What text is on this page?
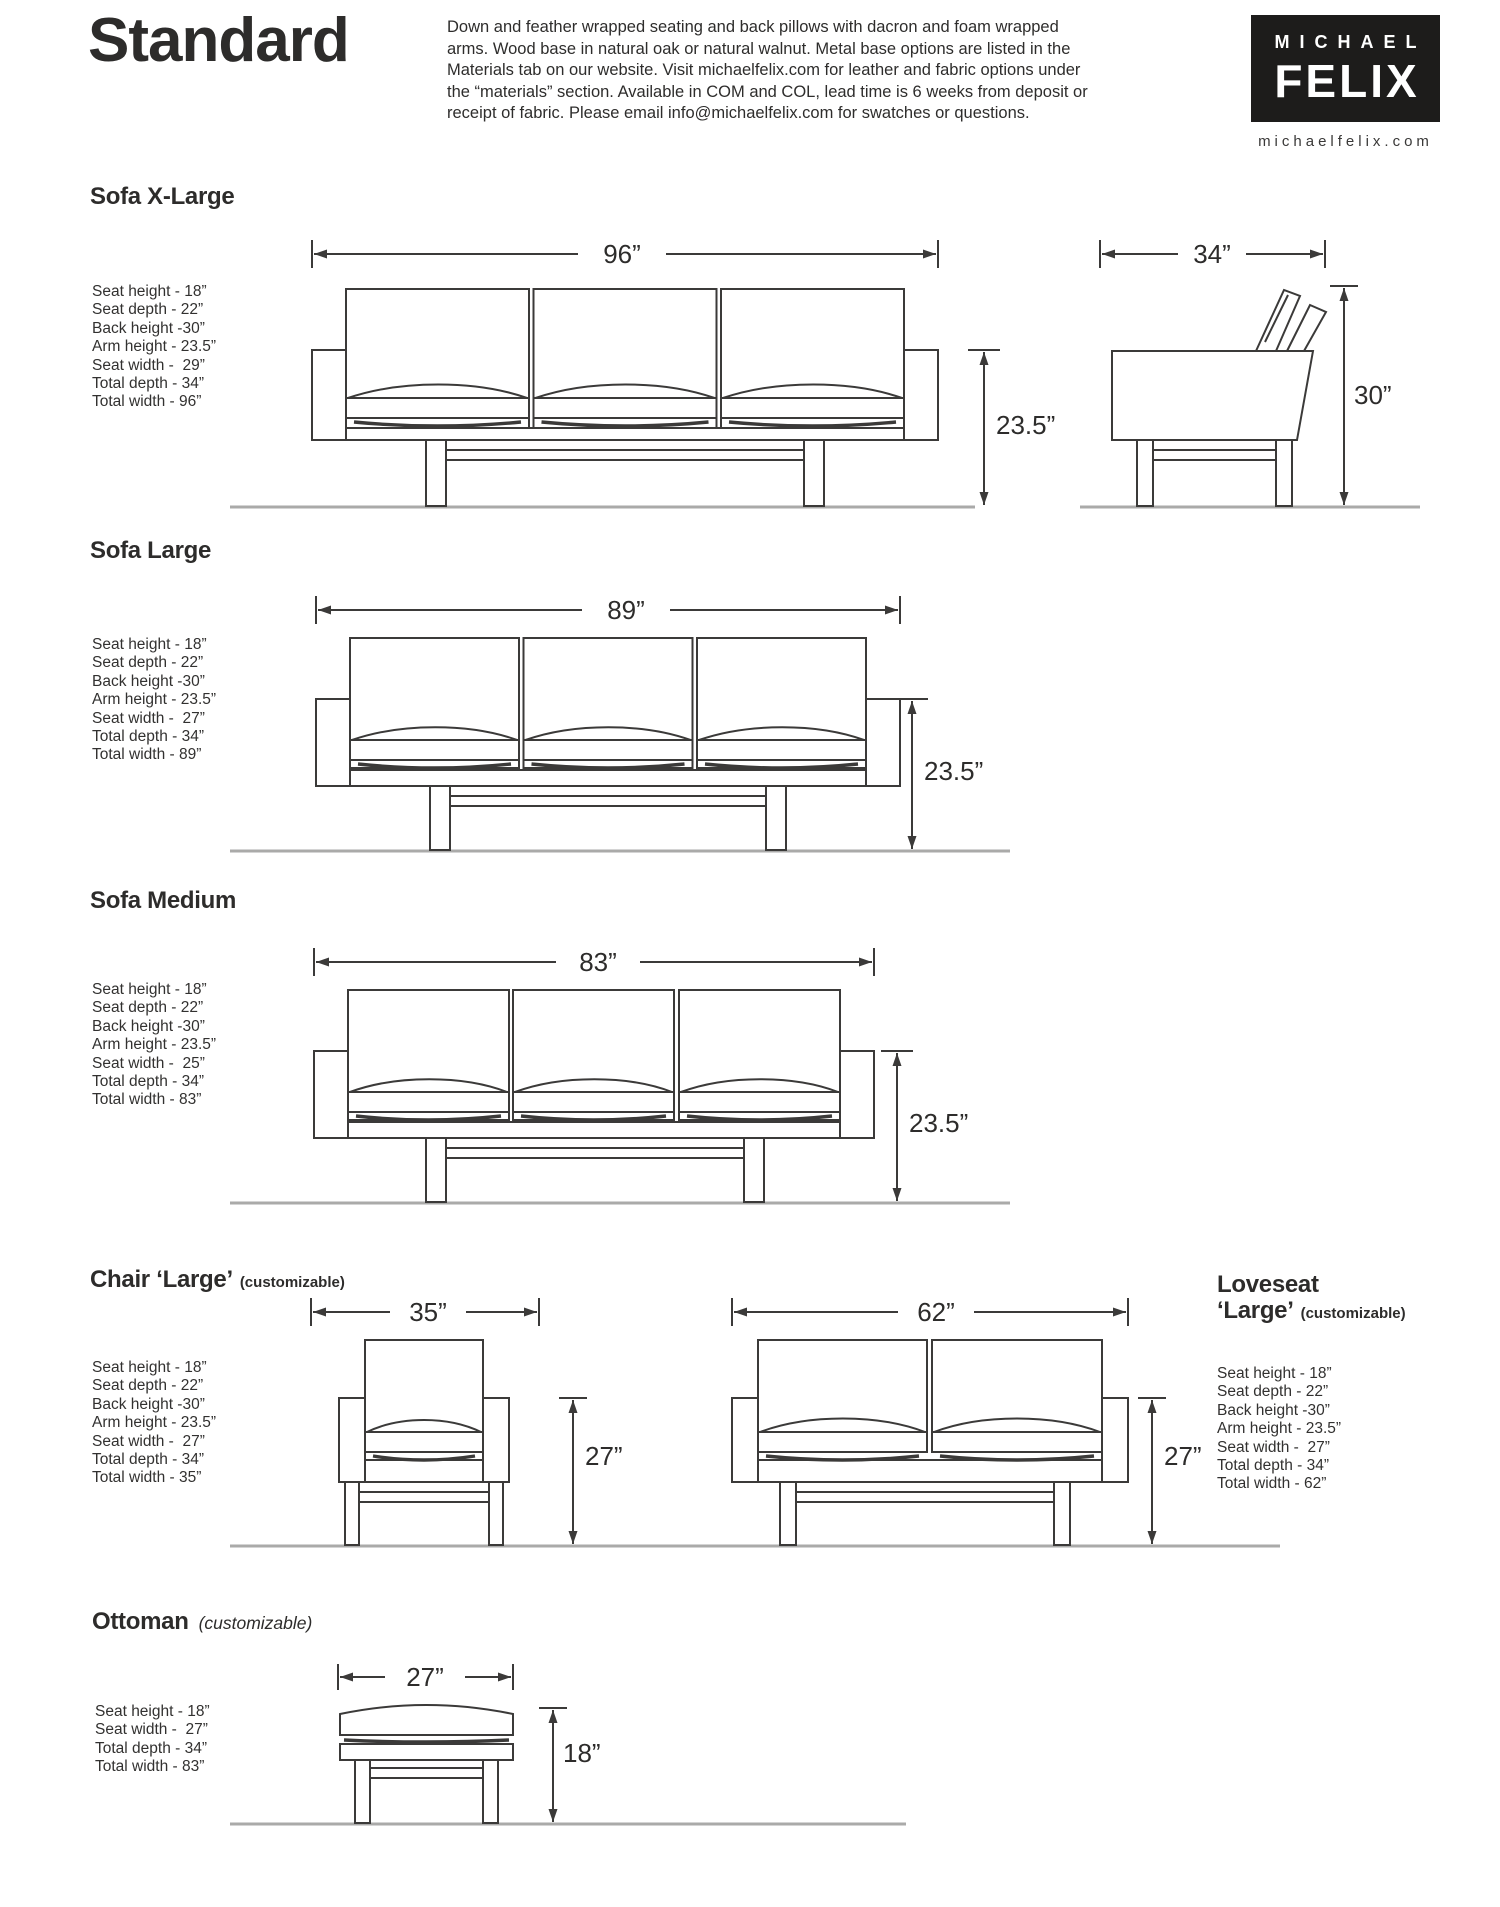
Standard	Down and feather wrapped seating and back pillows with dacron and foam wrapped
arms. Wood base in natural oak or natural walnut. Metal base options are listed in the
Materials tab on our website. Visit michaelfelix.com for leather and fabric options under
the “materials” section. Available in COM and COL, lead time is 6 weeks from deposit or
receipt of fabric. Please email info@michaelfelix.com for swatches or questions.
MICHAEL
FELIX
michaelfelix.com
Sofa X-Large
Seat height - 18”
Seat depth - 22”
Back height -30”
Arm height - 23.5”
Seat width -  29”
Total depth - 34”
Total width - 96”
96”
23.5”
34”
30”
Sofa Large
Seat height - 18”
Seat depth - 22”
Back height -30”
Arm height - 23.5”
Seat width -  27”
Total depth - 34”
Total width - 89”
89”
23.5”
Sofa Medium
Seat height - 18”
Seat depth - 22”
Back height -30”
Arm height - 23.5”
Seat width -  25”
Total depth - 34”
Total width - 83”
83”
23.5”
Chair ‘Large’ (customizable)
Seat height - 18”
Seat depth - 22”
Back height -30”
Arm height - 23.5”
Seat width -  27”
Total depth - 34”
Total width - 35”
35”
27”
Loveseat ‘Large’ (customizable)
Seat height - 18”
Seat depth - 22”
Back height -30”
Arm height - 23.5”
Seat width -  27”
Total depth - 34”
Total width - 62”
62”
27”
Ottoman (customizable)
Seat height - 18”
Seat width -  27”
Total depth - 34”
Total width - 83”
27”
18”
